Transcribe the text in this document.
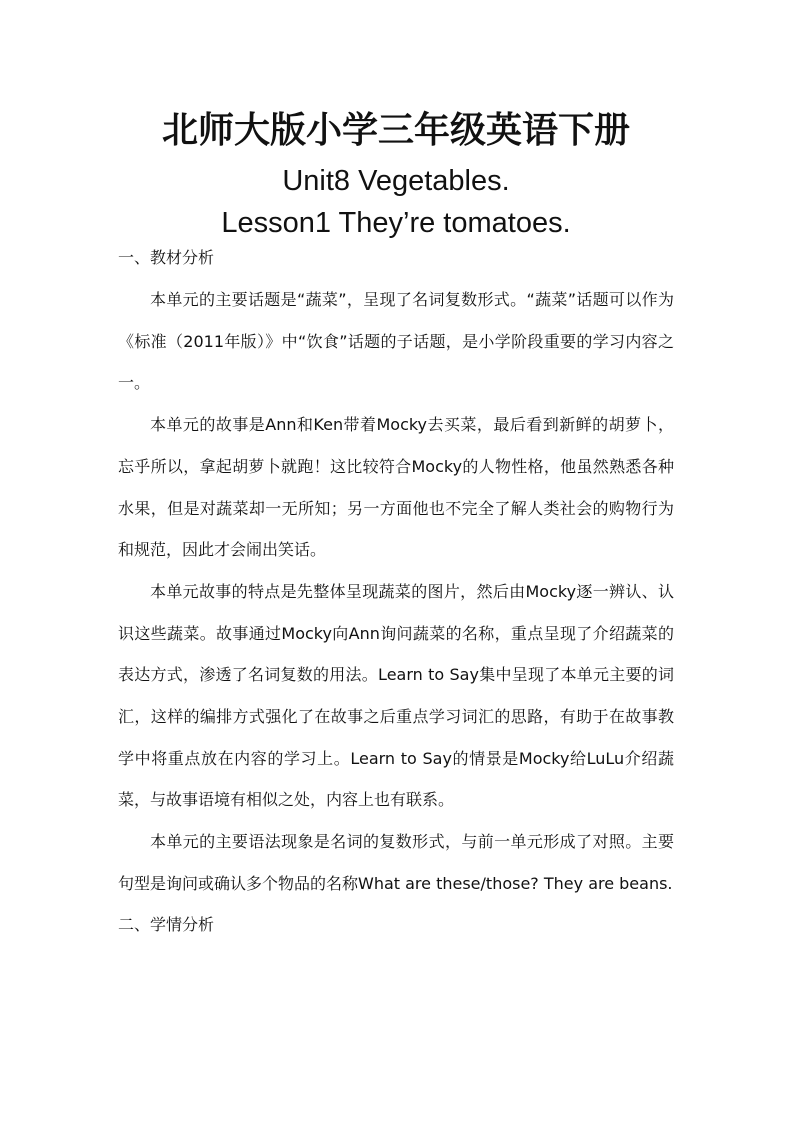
北师大版小学三年级英语下册
Unit8 Vegetables.
Lesson1 They’re tomatoes.
一、教材分析

本单元的主要话题是“蔬菜”，呈现了名词复数形式。“蔬菜”话题可以作为《标准（2011年版）》中“饮食”话题的子话题，是小学阶段重要的学习内容之一。

本单元的故事是Ann和Ken带着Mocky去买菜，最后看到新鲜的胡萝卜，忘乎所以，拿起胡萝卜就跑！这比较符合Mocky的人物性格，他虽然熟悉各种水果，但是对蔬菜却一无所知；另一方面他也不完全了解人类社会的购物行为和规范，因此才会闹出笑话。

本单元故事的特点是先整体呈现蔬菜的图片，然后由Mocky逐一辨认、认识这些蔬菜。故事通过Mocky向Ann询问蔬菜的名称，重点呈现了介绍蔬菜的表达方式，渗透了名词复数的用法。Learn to Say集中呈现了本单元主要的词汇，这样的编排方式强化了在故事之后重点学习词汇的思路，有助于在故事教学中将重点放在内容的学习上。Learn to Say的情景是Mocky给LuLu介绍蔬菜，与故事语境有相似之处，内容上也有联系。

本单元的主要语法现象是名词的复数形式，与前一单元形成了对照。主要句型是询问或确认多个物品的名称What are these/those? They are beans.

二、学情分析
